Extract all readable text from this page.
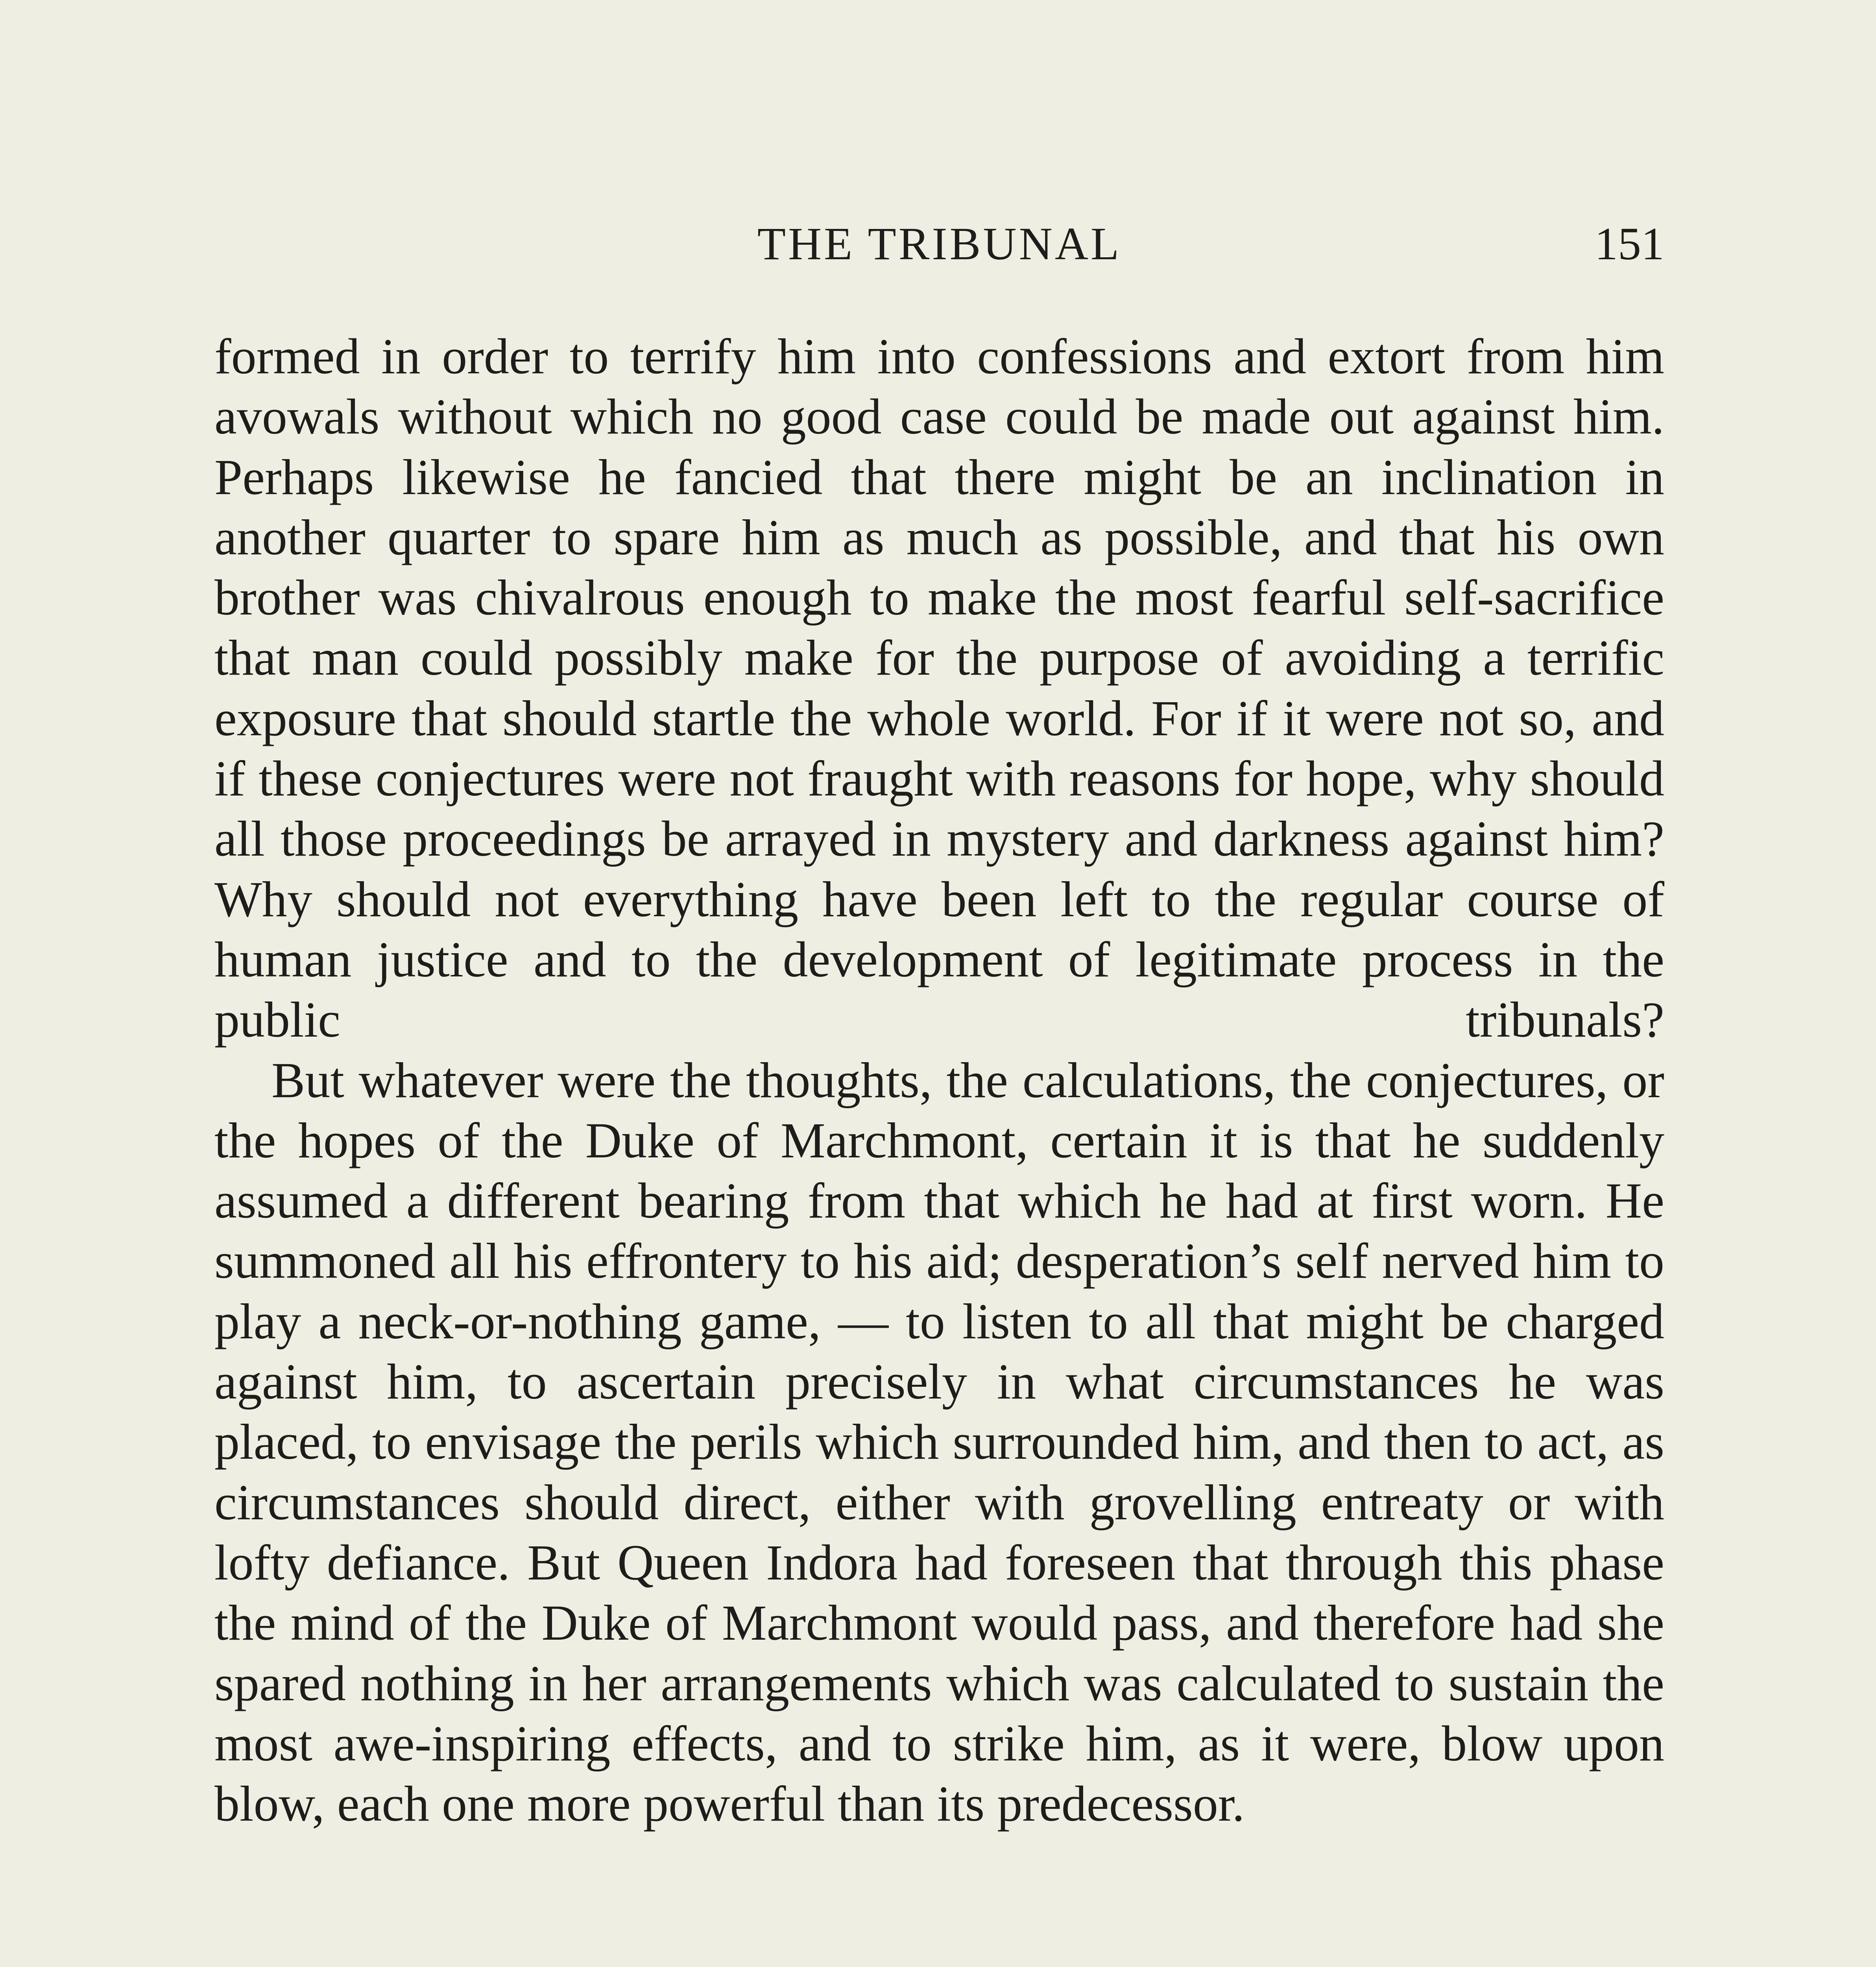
THE TRIBUNAL	151

formed in order to terrify him into confessions and extort from him avowals without which no good case could be made out against him. Perhaps likewise he fancied that there might be an inclination in another quarter to spare him as much as possible, and that his own brother was chivalrous enough to make the most fearful self-sacrifice that man could possibly make for the purpose of avoiding a terrific exposure that should startle the whole world. For if it were not so, and if these conjectures were not fraught with reasons for hope, why should all those proceedings be arrayed in mystery and darkness against him? Why should not everything have been left to the regular course of human justice and to the development of legitimate process in the public tribunals?

But whatever were the thoughts, the calculations, the conjectures, or the hopes of the Duke of Marchmont, certain it is that he suddenly assumed a different bearing from that which he had at first worn. He summoned all his effrontery to his aid; desperation’s self nerved him to play a neck-or-nothing game, — to listen to all that might be charged against him, to ascertain precisely in what circumstances he was placed, to envisage the perils which surrounded him, and then to act, as circumstances should direct, either with grovelling entreaty or with lofty defiance. But Queen Indora had foreseen that through this phase the mind of the Duke of Marchmont would pass, and therefore had she spared nothing in her arrangements which was calculated to sustain the most awe-inspiring effects, and to strike him, as it were, blow upon blow, each one more powerful than its predecessor.
